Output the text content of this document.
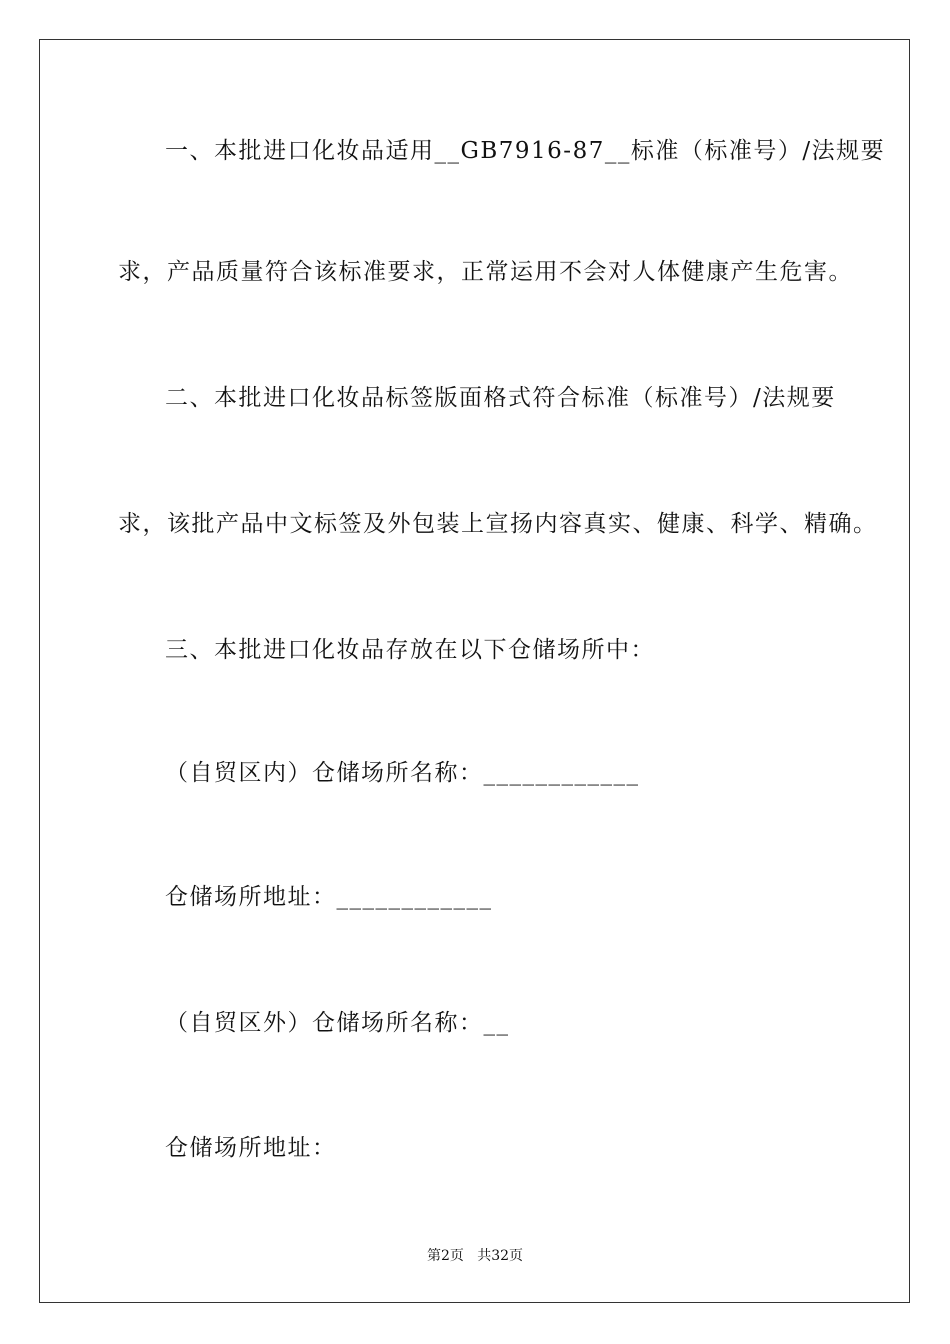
一、本批进口化妆品适用__GB7916-87__标准（标准号）/法规要
求，产品质量符合该标准要求，正常运用不会对人体健康产生危害。
二、本批进口化妆品标签版面格式符合标准（标准号）/法规要
求，该批产品中文标签及外包装上宣扬内容真实、健康、科学、精确。
三、本批进口化妆品存放在以下仓储场所中：
（自贸区内）仓储场所名称：____________
仓储场所地址：____________
（自贸区外）仓储场所名称：__
仓储场所地址：
第2页   共32页
